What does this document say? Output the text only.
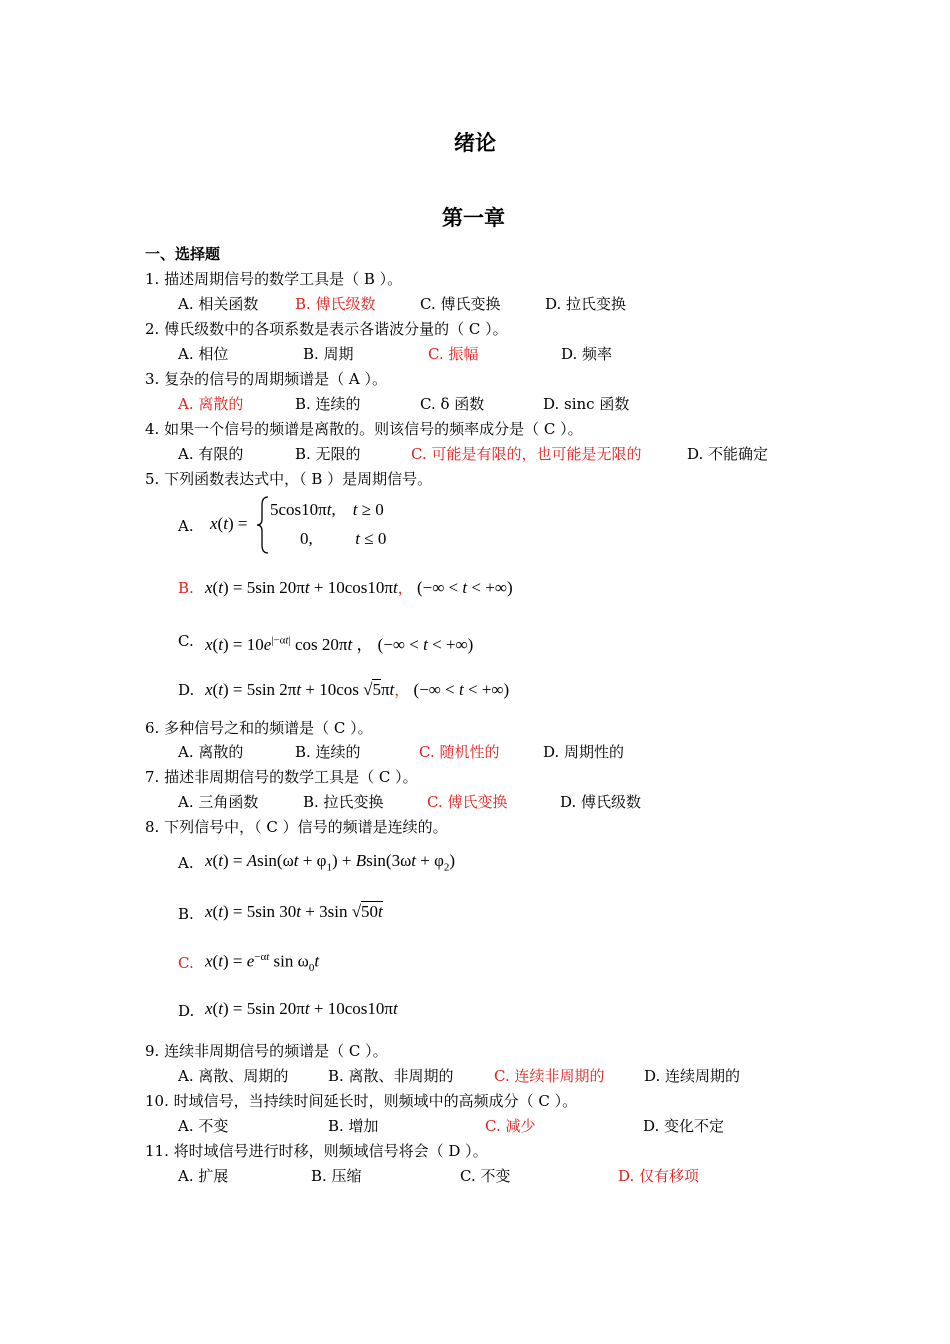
绪论
第一章
一、选择题
1. 描述周期信号的数学工具是（ B ）。
A. 相关函数 B. 傅氏级数	C. 傅氏变换	D. 拉氏变换
2. 傅氏级数中的各项系数是表示各谐波分量的（ C ）。
A. 相位	B. 周期	C. 振幅	D. 频率
3. 复杂的信号的周期频谱是（ A ）。
A. 离散的	B. 连续的	C. δ 函数	D. sinc 函数
4. 如果一个信号的频谱是离散的。则该信号的频率成分是（ C ）。
A. 有限的	B. 无限的	C. 可能是有限的，也可能是无限的	D. 不能确定
5. 下列函数表达式中，（ B ）是周期信号。
A. x(t) =
5cos10πt,    t ≥ 0
0,          t ≤ 0
B. x(t) = 5sin 20πt + 10cos10πt， (−∞ < t < +∞)
C. $x(t) = 10e^{|-\alpha t|}$ cos 20πt ， (−∞ < t < +∞)
D. x(t) = 5sin 2πt + 10cos √5πt， (−∞ < t < +∞)
6. 多种信号之和的频谱是（ C ）。
A. 离散的	B. 连续的	C. 随机性的	D. 周期性的
7. 描述非周期信号的数学工具是（ C ）。
A. 三角函数	B. 拉氏变换	C. 傅氏变换	D. 傅氏级数
8. 下列信号中，（ C ）信号的频谱是连续的。
A. $x(t) = Asin(\omega t + \varphi_1) + Bsin(3\omega t + \varphi_2)$
B. x(t) = 5sin 30t + 3sin √50t
C. $x(t) = e^{-\alpha t}$ $\sin \omega_0t$
D. x(t) = 5sin 20πt + 10cos10πt
9. 连续非周期信号的频谱是（ C ）。
A. 离散、周期的	B. 离散、非周期的	C. 连续非周期的	D. 连续周期的
10. 时域信号，当持续时间延长时，则频域中的高频成分（ C ）。
A. 不变	B. 增加	C. 减少	D. 变化不定
11. 将时域信号进行时移，则频域信号将会（ D ）。
A. 扩展	B. 压缩	C. 不变	D. 仅有移项
